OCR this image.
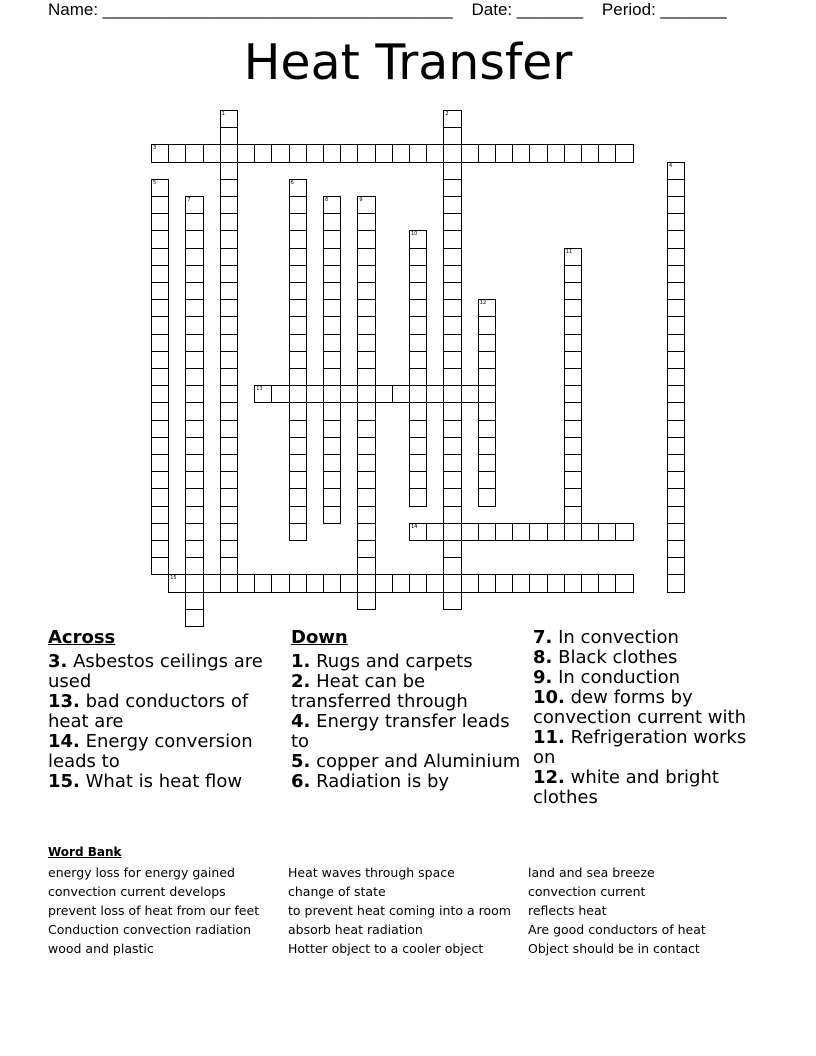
Name: _____________________________________    Date: _______    Period: _______
Heat Transfer
1	2
3
4
5	6
7	8	9
10
11
12
13
14
15
Across
3. Asbestos ceilings are used
13. bad conductors of heat are
14. Energy conversion leads to
15. What is heat flow
Down
1. Rugs and carpets
2. Heat can be transferred through
4. Energy transfer leads to
5. copper and Aluminium
6. Radiation is by
7. In convection
8. Black clothes
9. In conduction
10. dew forms by convection current with
11. Refrigeration works on
12. white and bright clothes
Word Bank
energy loss for energy gained
convection current develops
prevent loss of heat from our feet
Conduction convection radiation
wood and plastic
Heat waves through space
change of state
to prevent heat coming into a room
absorb heat radiation
Hotter object to a cooler object
land and sea breeze
convection current
reflects heat
Are good conductors of heat
Object should be in contact
